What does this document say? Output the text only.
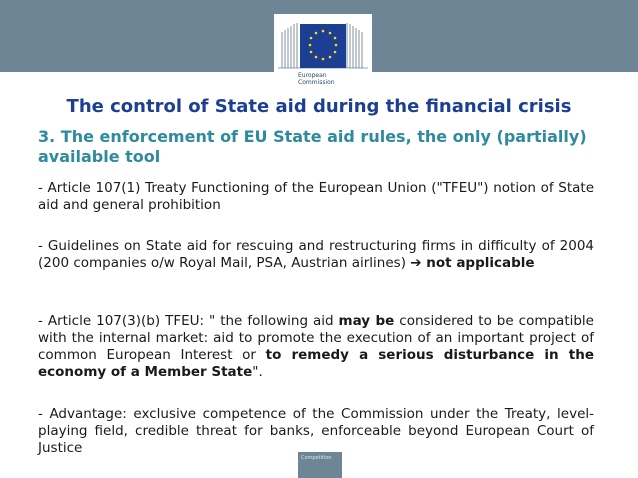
European
Commission
The control of State aid during the financial crisis
3. The enforcement of EU State aid rules, the only (partially) available tool

- Article 107(1) Treaty Functioning of the European Union ("TFEU") notion of State aid and general prohibition

- Guidelines on State aid for rescuing and restructuring firms in difficulty of 2004 (200 companies o/w Royal Mail, PSA, Austrian airlines) ➔ not applicable

- Article 107(3)(b) TFEU: " the following aid may be considered to be compatible with the internal market: aid to promote the execution of an important project of common European Interest or to remedy a serious disturbance in the economy of a Member State".

- Advantage: exclusive competence of the Commission under the Treaty, level-playing field, credible threat for banks, enforceable beyond European Court of Justice

Competition
